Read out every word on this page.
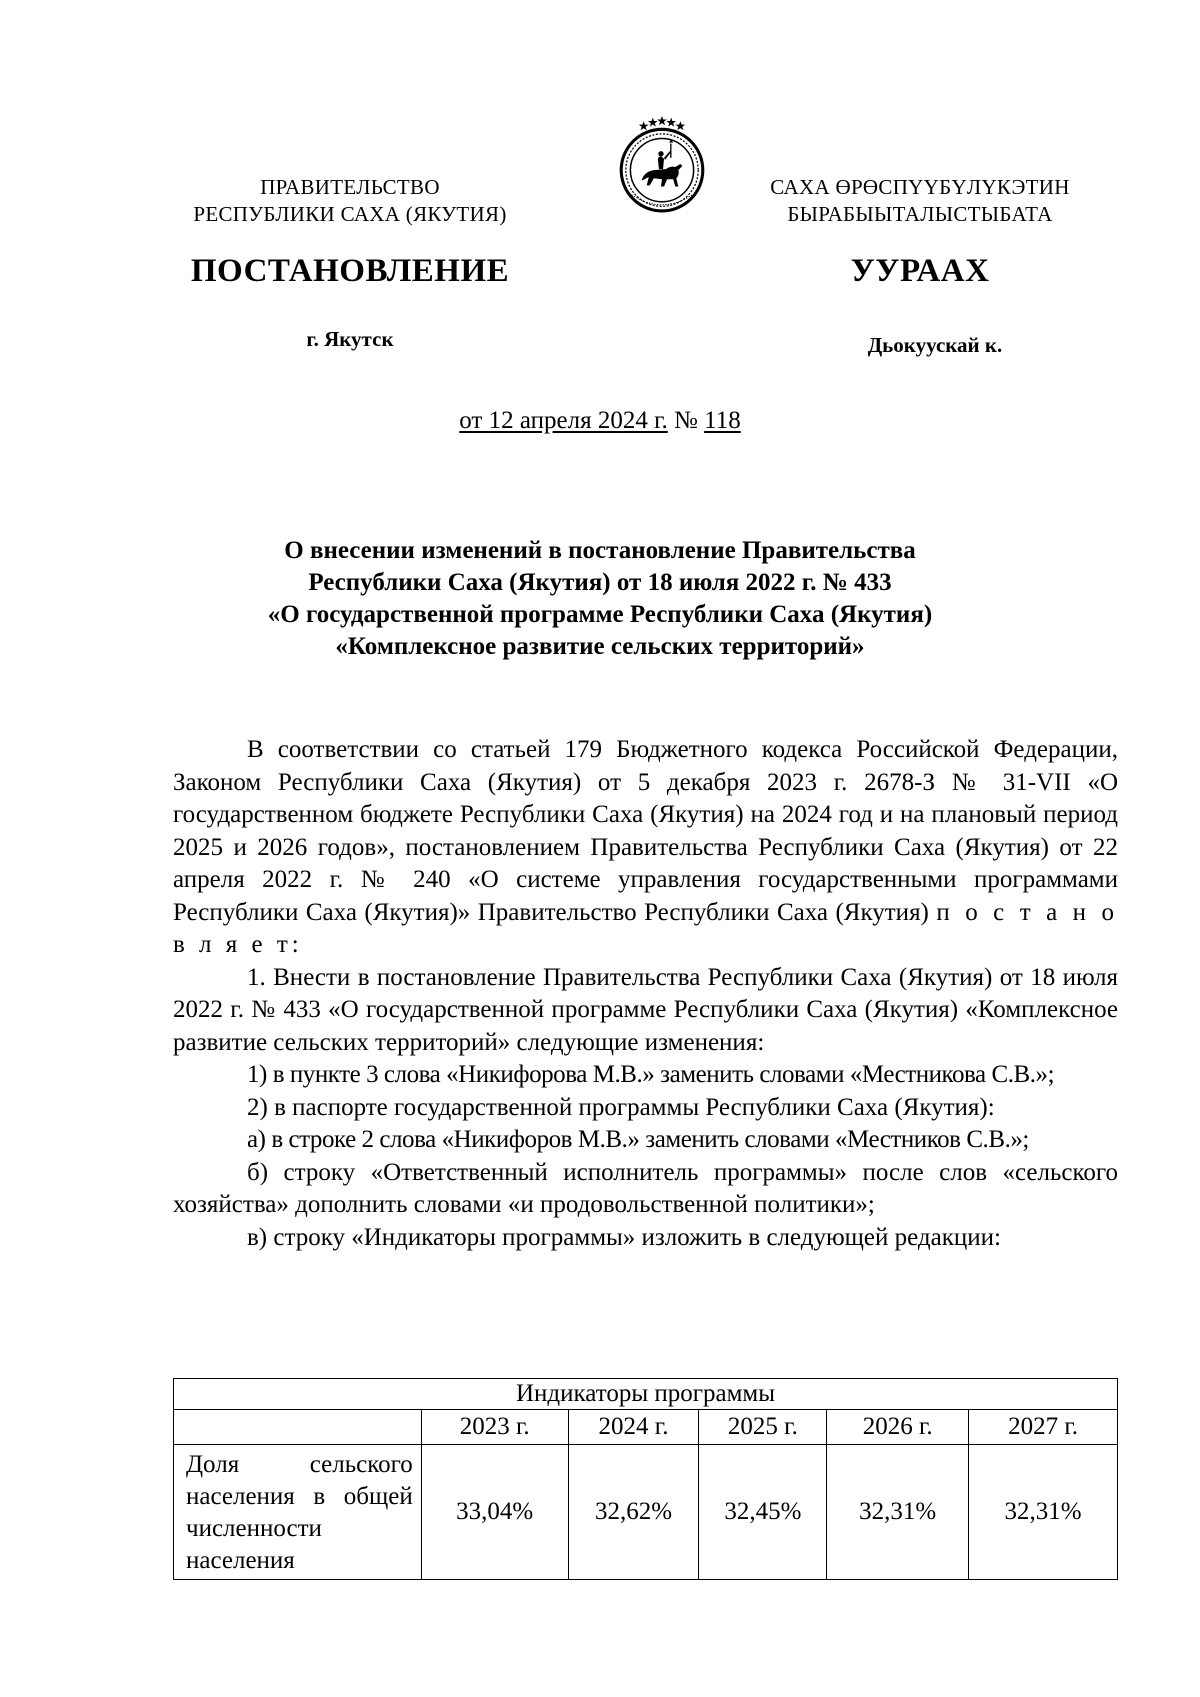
ПРАВИТЕЛЬСТВО
РЕСПУБЛИКИ САХА (ЯКУТИЯ)
САХА ӨРӨСПҮҮБҮЛҮКЭТИН
БЫРАБЫЫТАЛЫСТЫБАТА
ПОСТАНОВЛЕНИЕ	УУРААХ
г. Якутск	Дьокуускай к.
от 12 апреля 2024 г. № 118
О внесении изменений в постановление Правительства
Республики Саха (Якутия) от 18 июля 2022 г. № 433
«О государственной программе Республики Саха (Якутия)
«Комплексное развитие сельских территорий»

В соответствии со статьей 179 Бюджетного кодекса Российской Федерации, Законом Республики Саха (Якутия) от 5 декабря 2023 г. 2678-З № 31-VII «О государственном бюджете Республики Саха (Якутия) на 2024 год и на плановый период 2025 и 2026 годов», постановлением Правительства Республики Саха (Якутия) от 22 апреля 2022 г. № 240 «О системе управления государственными программами Республики Саха (Якутия)» Правительство Республики Саха (Якутия) п о с т а н о в л я е т:

1. Внести в постановление Правительства Республики Саха (Якутия) от 18 июля 2022 г. № 433 «О государственной программе Республики Саха (Якутия) «Комплексное развитие сельских территорий» следующие изменения:

1) в пункте 3 слова «Никифорова М.В.» заменить словами «Местникова С.В.»;

2) в паспорте государственной программы Республики Саха (Якутия):

а) в строке 2 слова «Никифоров М.В.» заменить словами «Местников С.В.»;

б) строку «Ответственный исполнитель программы» после слов «сельского хозяйства» дополнить словами «и продовольственной политики»;

в) строку «Индикаторы программы» изложить в следующей редакции:

Индикаторы программы					
	2023 г.	2024 г.	2025 г.	2026 г.	2027 г.
Доля сельского населения в общей численности населения	33,04%	32,62%	32,45%	32,31%	32,31%
